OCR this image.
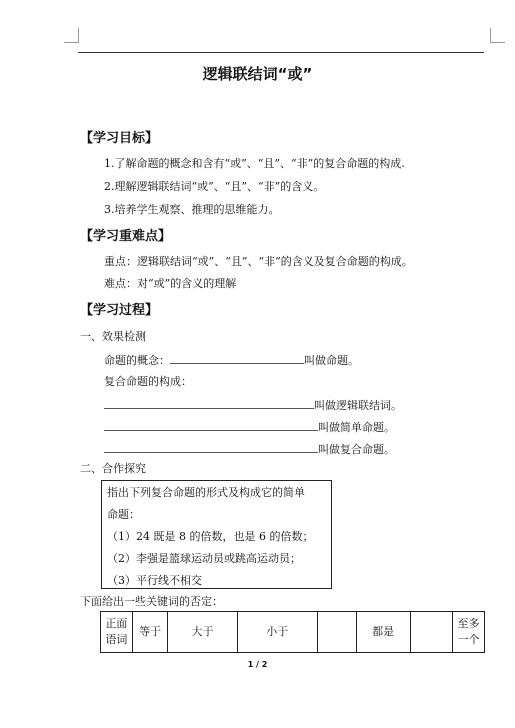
逻辑联结词“或”
【学习目标】
1.了解命题的概念和含有“或”、“且”、“非”的复合命题的构成.
2.理解逻辑联结词“或”、“且”、“非”的含义。
3.培养学生观察、推理的思维能力。
【学习重难点】
重点：逻辑联结词“或”、“且”、“非”的含义及复合命题的构成。
难点：对“或”的含义的理解
【学习过程】
一、效果检测
命题的概念：	叫做命题。
复合命题的构成：
叫做逻辑联结词。
叫做简单命题。
叫做复合命题。
二、合作探究
指出下列复合命题的形式及构成它的简单
命题：
（1）24 既是 8 的倍数，也是 6 的倍数；
（2）李强是篮球运动员或跳高运动员；
（3）平行线不相交
下面给出一些关键词的否定：
正面语词	等于	大于	小于		都是		至多一个
1 / 2
